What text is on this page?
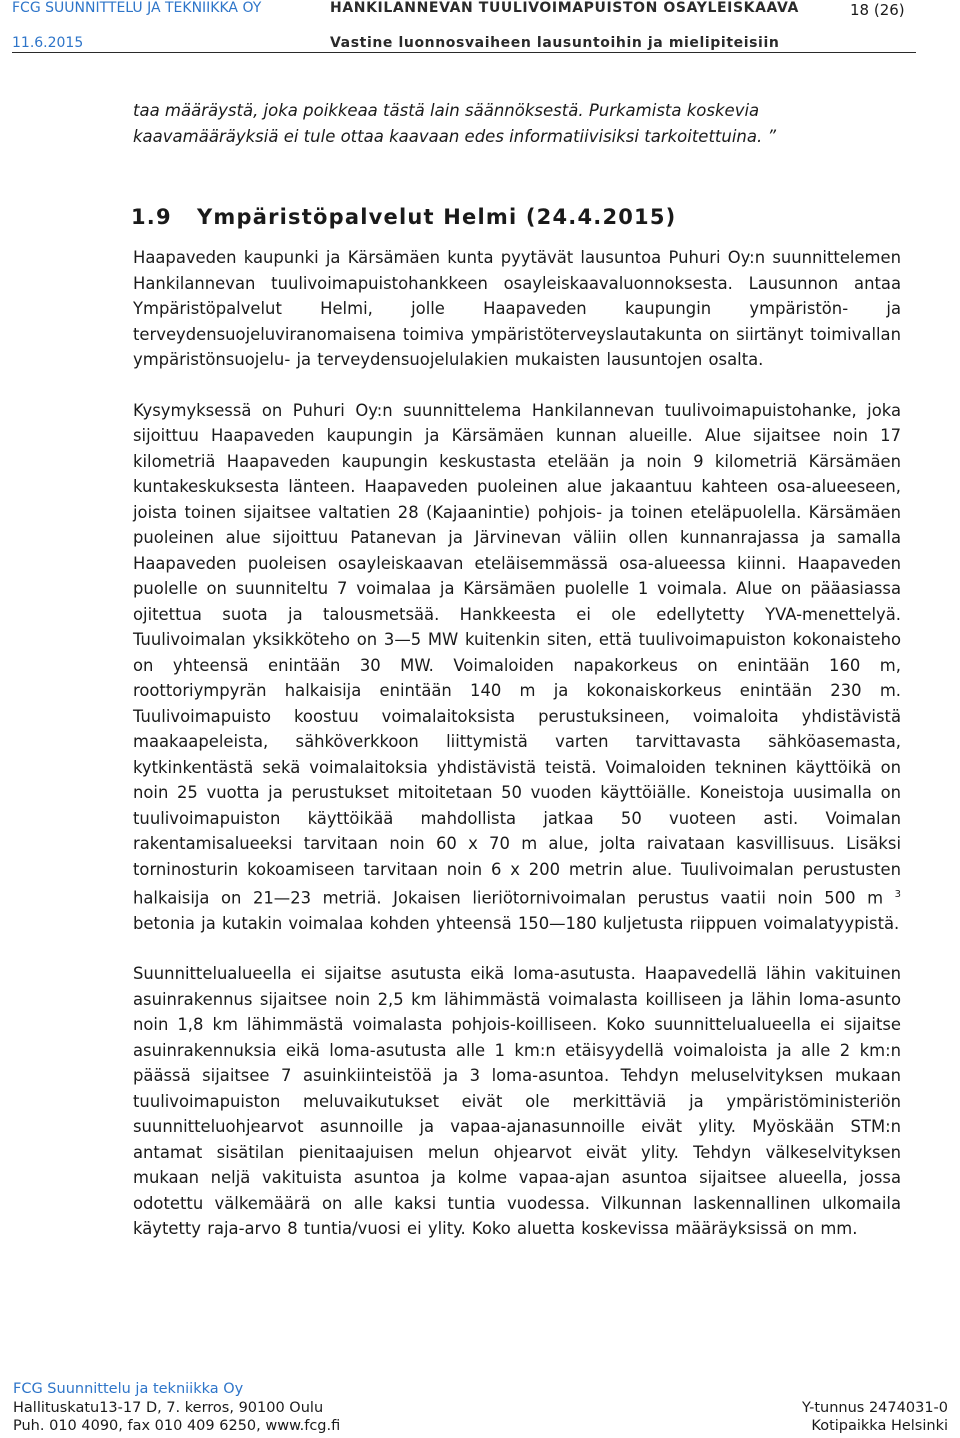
FCG SUUNNITTELU JA TEKNIIKKA OY	HANKILANNEVAN TUULIVOIMAPUISTON OSAYLEISKAAVA	18 (26)
11.6.2015	Vastine luonnosvaiheen lausuntoihin ja mielipiteisiin

taa määräystä, joka poikkeaa tästä lain säännöksestä. Purkamista koskevia kaavamääräyksiä ei tule ottaa kaavaan edes informatiivisiksi tarkoitettuina. ”

1.9 Ympäristöpalvelut Helmi (24.4.2015)

Haapaveden kaupunki ja Kärsämäen kunta pyytävät lausuntoa Puhuri Oy:n suunnittelemen Hankilannevan tuulivoimapuistohankkeen osayleiskaavaluonnoksesta. Lausunnon antaa Ympäristöpalvelut Helmi, jolle Haapaveden kaupungin ympäristön- ja terveydensuojeluviranomaisena toimiva ympäristöterveyslautakunta on siirtänyt toimivallan ympäristönsuojelu- ja terveydensuojelulakien mukaisten lausuntojen osalta.

Kysymyksessä on Puhuri Oy:n suunnittelema Hankilannevan tuulivoimapuistohanke, joka sijoittuu Haapaveden kaupungin ja Kärsämäen kunnan alueille. Alue sijaitsee noin 17 kilometriä Haapaveden kaupungin keskustasta etelään ja noin 9 kilometriä Kärsämäen kuntakeskuksesta länteen. Haapaveden puoleinen alue jakaantuu kahteen osa-alueeseen, joista toinen sijaitsee valtatien 28 (Kajaanintie) pohjois- ja toinen eteläpuolella. Kärsämäen puoleinen alue sijoittuu Patanevan ja Järvinevan väliin ollen kunnanrajassa ja samalla Haapaveden puoleisen osayleiskaavan eteläisemmässä osa-alueessa kiinni. Haapaveden puolelle on suunniteltu 7 voimalaa ja Kärsämäen puolelle 1 voimala. Alue on pääasiassa ojitettua suota ja talousmetsää. Hankkeesta ei ole edellytetty YVA-menettelyä. Tuulivoimalan yksikköteho on 3—5 MW kuitenkin siten, että tuulivoimapuiston kokonaisteho on yhteensä enintään 30 MW. Voimaloiden napakorkeus on enintään 160 m, roottoriympyrän halkaisija enintään 140 m ja kokonaiskorkeus enintään 230 m. Tuulivoimapuisto koostuu voimalaitoksista perustuksineen, voimaloita yhdistävistä maakaapeleista, sähköverkkoon liittymistä varten tarvittavasta sähköasemasta, kytkinkentästä sekä voimalaitoksia yhdistävistä teistä. Voimaloiden tekninen käyttöikä on noin 25 vuotta ja perustukset mitoitetaan 50 vuoden käyttöiälle. Koneistoja uusimalla on tuulivoimapuiston käyttöikää mahdollista jatkaa 50 vuoteen asti. Voimalan rakentamisalueeksi tarvitaan noin 60 x 70 m alue, jolta raivataan kasvillisuus. Lisäksi torninosturin kokoamiseen tarvitaan noin 6 x 200 metrin alue. Tuulivoimalan perustusten halkaisija on 21—23 metriä. Jokaisen lieriötornivoimalan perustus vaatii noin 500 m $^3$ betonia ja kutakin voimalaa kohden yhteensä 150—180 kuljetusta riippuen voimalatyypistä.

Suunnittelualueella ei sijaitse asutusta eikä loma-asutusta. Haapavedellä lähin vakituinen asuinrakennus sijaitsee noin 2,5 km lähimmästä voimalasta koilliseen ja lähin loma-asunto noin 1,8 km lähimmästä voimalasta pohjois-koilliseen. Koko suunnittelualueella ei sijaitse asuinrakennuksia eikä loma-asutusta alle 1 km:n etäisyydellä voimaloista ja alle 2 km:n päässä sijaitsee 7 asuinkiinteistöä ja 3 loma-asuntoa. Tehdyn meluselvityksen mukaan tuulivoimapuiston meluvaikutukset eivät ole merkittäviä ja ympäristöministeriön suunnitteluohjearvot asunnoille ja vapaa-ajanasunnoille eivät ylity. Myöskään STM:n antamat sisätilan pienitaajuisen melun ohjearvot eivät ylity. Tehdyn välkeselvityksen mukaan neljä vakituista asuntoa ja kolme vapaa-ajan asuntoa sijaitsee alueella, jossa odotettu välkemäärä on alle kaksi tuntia vuodessa. Vilkunnan laskennallinen ulkomaila käytetty raja-arvo 8 tuntia/vuosi ei ylity. Koko aluetta koskevissa määräyksissä on mm.

FCG Suunnittelu ja tekniikka Oy
Hallituskatu13-17 D, 7. kerros, 90100 Oulu	Y-tunnus 2474031-0
Puh. 010 4090, fax 010 409 6250, www.fcg.fi	Kotipaikka Helsinki
